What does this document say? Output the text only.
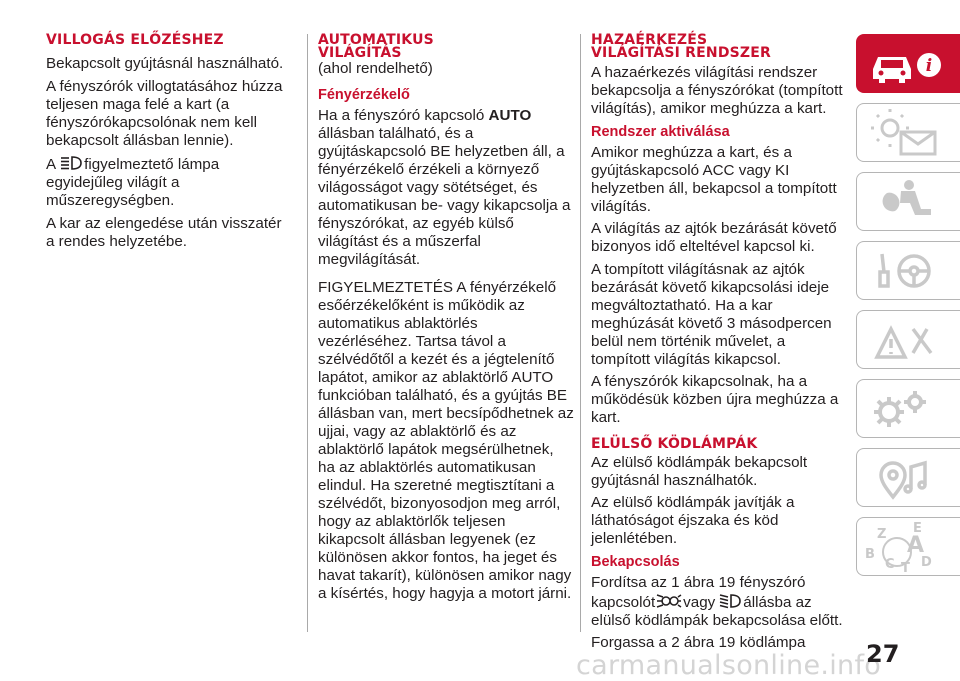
VILLOGÁS ELŐZÉSHEZ

Bekapcsolt gyújtásnál használható.

A fényszórók villogtatásához húzza teljesen maga felé a kart (a fényszórókapcsolónak nem kell bekapcsolt állásban lennie).

A figyelmeztető lámpa egyidejűleg világít a műszeregységben.

A kar az elengedése után visszatér a rendes helyzetébe.

AUTOMATIKUS
VILÁGÍTÁS

(ahol rendelhető)

Fényérzékelő

Ha a fényszóró kapcsoló AUTO állásban található, és a gyújtáskapcsoló BE helyzetben áll, a fényérzékelő érzékeli a környező világosságot vagy sötétséget, és automatikusan be- vagy kikapcsolja a fényszórókat, az egyéb külső világítást és a műszerfal megvilágítását.

FIGYELMEZTETÉS A fényérzékelő esőérzékelőként is működik az automatikus ablaktörlés vezérléséhez. Tartsa távol a szélvédőtől a kezét és a jégtelenítő lapátot, amikor az ablaktörlő AUTO funkcióban található, és a gyújtás BE állásban van, mert becsípődhetnek az ujjai, vagy az ablaktörlő és az ablaktörlő lapátok megsérülhetnek, ha az ablaktörlés automatikusan elindul. Ha szeretné megtisztítani a szélvédőt, bizonyosodjon meg arról, hogy az ablaktörlők teljesen kikapcsolt állásban legyenek (ez különösen akkor fontos, ha jeget és havat takarít), különösen amikor nagy a kísértés, hogy hagyja a motort járni.

HAZAÉRKEZÉS
VILÁGÍTÁSI RENDSZER

A hazaérkezés világítási rendszer bekapcsolja a fényszórókat (tompított világítás), amikor meghúzza a kart.

Rendszer aktiválása

Amikor meghúzza a kart, és a gyújtáskapcsoló ACC vagy KI helyzetben áll, bekapcsol a tompított világítás.

A világítás az ajtók bezárását követő bizonyos idő elteltével kapcsol ki.

A tompított világításnak az ajtók bezárását követő kikapcsolási ideje megváltoztatható. Ha a kar meghúzását követő 3 másodpercen belül nem történik művelet, a tompított világítás kikapcsol.

A fényszórók kikapcsolnak, ha a működésük közben újra meghúzza a kart.

ELÜLSŐ KÖDLÁMPÁK

Az elülső ködlámpák bekapcsolt gyújtásnál használhatók.

Az elülső ködlámpák javítják a láthatóságot éjszaka és köd jelenlétében.

Bekapcsolás

Fordítsa az 1 ábra 19 fényszóró kapcsolót vagy állásba az elülső ködlámpák bekapcsolása előtt.

Forgassa a 2 ábra 19 ködlámpa

i
Z E
B A
C T D
carmanualsonline.info
27
